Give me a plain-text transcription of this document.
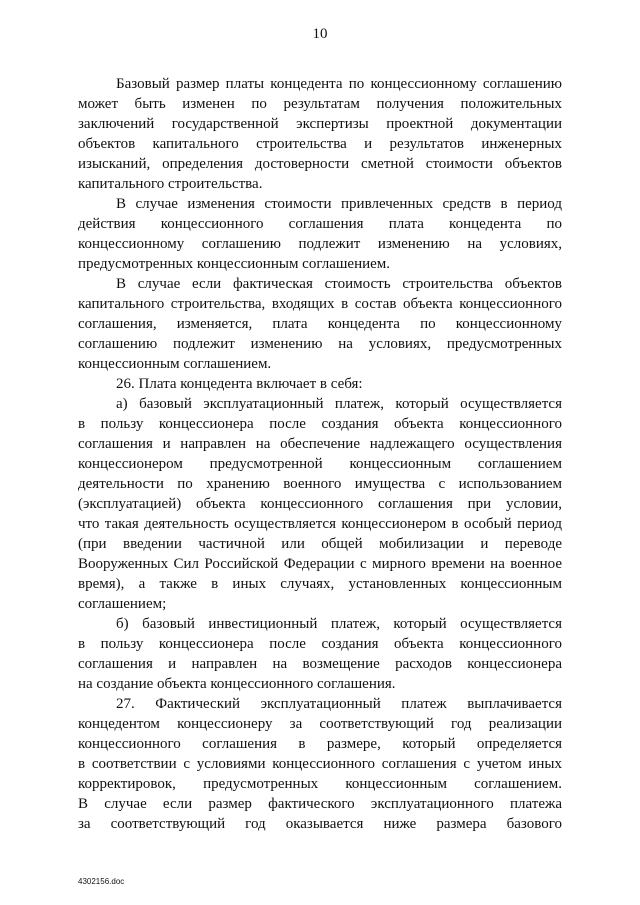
10
Базовый размер платы концедента по концессионному соглашению
может быть изменен по результатам получения положительных
заключений государственной экспертизы проектной документации
объектов капитального строительства и результатов инженерных
изысканий, определения достоверности сметной стоимости объектов
капитального строительства.
В случае изменения стоимости привлеченных средств в период
действия концессионного соглашения плата концедента по
концессионному соглашению подлежит изменению на условиях,
предусмотренных концессионным соглашением.
В случае если фактическая стоимость строительства объектов
капитального строительства, входящих в состав объекта концессионного
соглашения, изменяется, плата концедента по концессионному
соглашению подлежит изменению на условиях, предусмотренных
концессионным соглашением.
26. Плата концедента включает в себя:
а) базовый эксплуатационный платеж, который осуществляется
в пользу концессионера после создания объекта концессионного
соглашения и направлен на обеспечение надлежащего осуществления
концессионером предусмотренной концессионным соглашением
деятельности по хранению военного имущества с использованием
(эксплуатацией) объекта концессионного соглашения при условии,
что такая деятельность осуществляется концессионером в особый период
(при введении частичной или общей мобилизации и переводе
Вооруженных Сил Российской Федерации с мирного времени на военное
время), а также в иных случаях, установленных концессионным
соглашением;
б) базовый инвестиционный платеж, который осуществляется
в пользу концессионера после создания объекта концессионного
соглашения и направлен на возмещение расходов концессионера
на создание объекта концессионного соглашения.
27. Фактический эксплуатационный платеж выплачивается
концедентом концессионеру за соответствующий год реализации
концессионного соглашения в размере, который определяется
в соответствии с условиями концессионного соглашения с учетом иных
корректировок, предусмотренных концессионным соглашением.
В случае если размер фактического эксплуатационного платежа
за соответствующий год оказывается ниже размера базового
4302156.doc
